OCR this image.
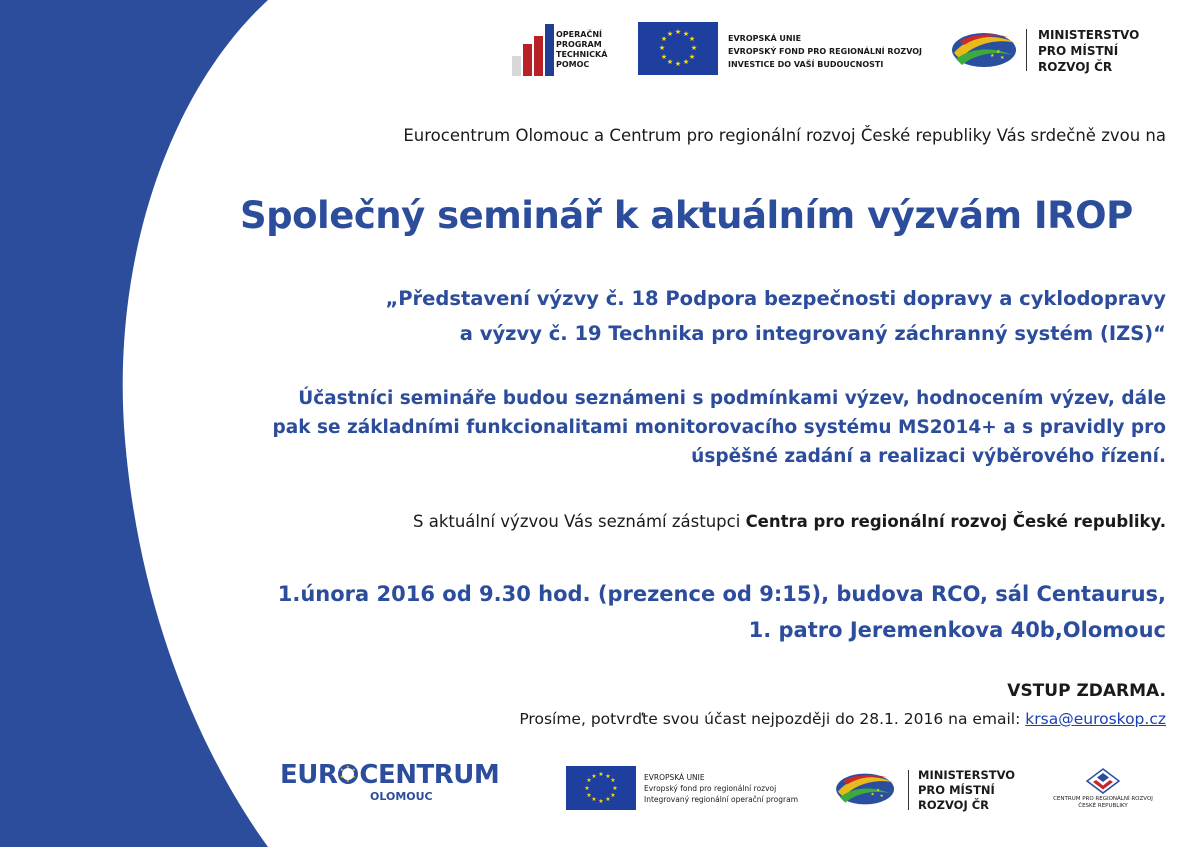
OPERAČNÍ
PROGRAM
TECHNICKÁ
POMOC
★ ★
★
★
★
★
★
★
★
★
★
★	EVROPSKÁ UNIE
EVROPSKÝ FOND PRO REGIONÁLNÍ ROZVOJ
INVESTICE DO VAŠÍ BUDOUCNOSTI
★
★
★
MINISTERSTVO
PRO MÍSTNÍ
ROZVOJ ČR
Eurocentrum Olomouc a Centrum pro regionální rozvoj České republiky Vás srdečně zvou na
Společný seminář k aktuálním výzvám IROP
„Představení výzvy č. 18 Podpora bezpečnosti dopravy a cyklodopravy
a výzvy č. 19 Technika pro integrovaný záchranný systém (IZS)“
Účastníci semináře budou seznámeni s podmínkami výzev, hodnocením výzev, dále
pak se základními funkcionalitami monitorovacího systému MS2014+ a s pravidly pro
úspěšné zadání a realizaci výběrového řízení.
S aktuální výzvou Vás seznámí zástupci Centra pro regionální rozvoj České republiky.
1.února 2016 od 9.30 hod. (prezence od 9:15), budova RCO, sál Centaurus,
1. patro Jeremenkova 40b,Olomouc
VSTUP ZDARMA.
Prosíme, potvrďte svou účast nejpozději do 28.1. 2016 na email: krsa@euroskop.cz
EUR ★
★
★
★
★
★ CENTRUM
OLOMOUC
★ ★
★
★
★
★
★
★
★
★
★
★	EVROPSKÁ UNIE
Evropský fond pro regionální rozvoj
Integrovaný regionální operační program
★
★
★
MINISTERSTVO
PRO MÍSTNÍ
ROZVOJ ČR	CENTRUM PRO REGIONÁLNÍ ROZVOJ
ČESKÉ REPUBLIKY
